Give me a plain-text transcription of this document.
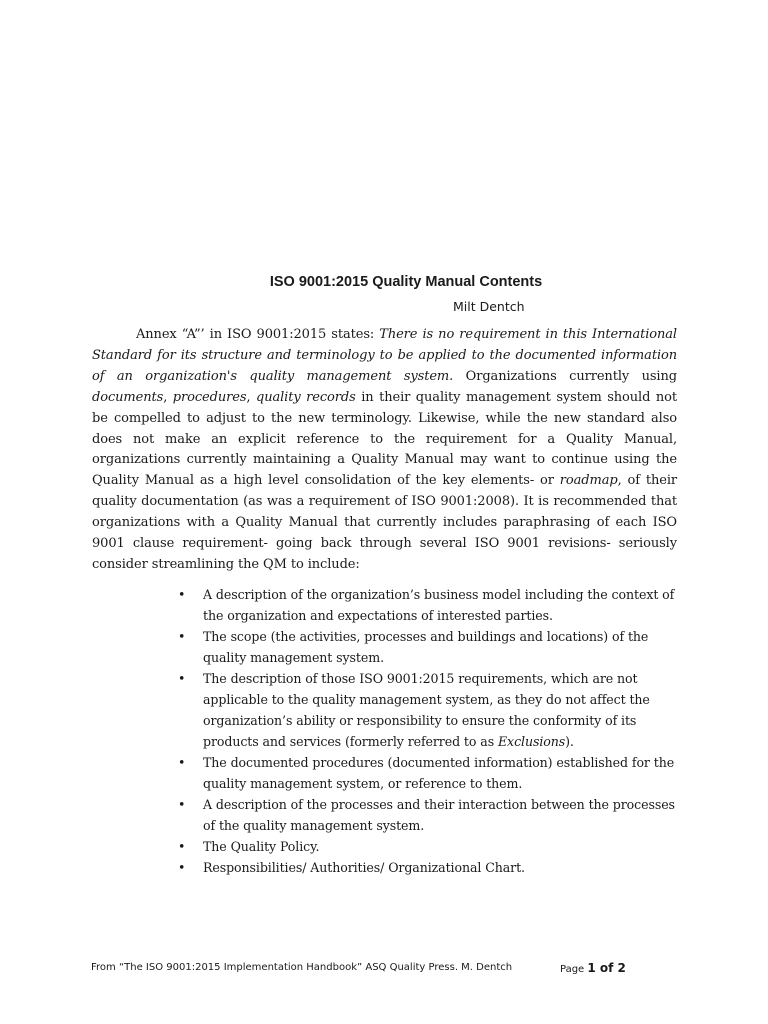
ISO 9001:2015 Quality Manual Contents

Milt Dentch

Annex “A”’ in ISO 9001:2015 states: There is no requirement in this International Standard for its structure and terminology to be applied to the documented information of an organization's quality management system. Organizations currently using documents, procedures, quality records in their quality management system should not be compelled to adjust to the new terminology. Likewise, while the new standard also does not make an explicit reference to the requirement for a Quality Manual, organizations currently maintaining a Quality Manual may want to continue using the Quality Manual as a high level consolidation of the key elements- or roadmap, of their quality documentation (as was a requirement of ISO 9001:2008). It is recommended that organizations with a Quality Manual that currently includes paraphrasing of each ISO 9001 clause requirement- going back through several ISO 9001 revisions- seriously consider streamlining the QM to include:

• A description of the organization’s business model including the context of the organization and expectations of interested parties.
• The scope (the activities, processes and buildings and locations) of the quality management system.
• The description of those ISO 9001:2015 requirements, which are not applicable to the quality management system, as they do not affect the organization’s ability or responsibility to ensure the conformity of its products and services (formerly referred to as Exclusions).
• The documented procedures (documented information) established for the quality management system, or reference to them.
• A description of the processes and their interaction between the processes of the quality management system.
• The Quality Policy.
• Responsibilities/ Authorities/ Organizational Chart.
From “The ISO 9001:2015 Implementation Handbook” ASQ Quality Press. M. Dentch	Page 1 of 2
